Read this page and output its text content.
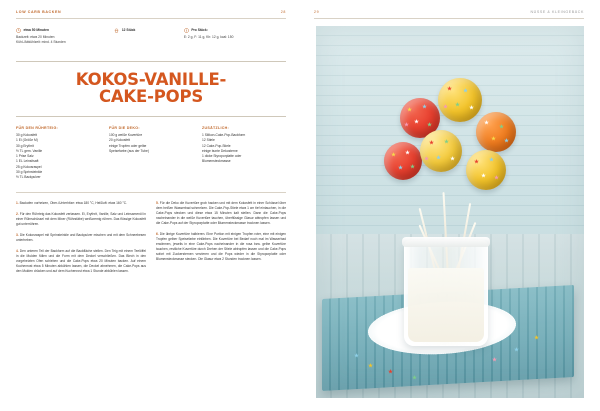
LOW CARB BACKEN	28
etwa 50 Minuten
Backzeit: etwa 20 Minuten
Kühl-/Abkühlzeit: mind. 4 Stunden
12 Stück	Pro Stück:
E: 2 g, F: 11 g, Kh: 12 g, kcal: 150
KOKOS-VANILLE-
CAKE-POPS
FÜR DEN RÜHRTEIG:
30 g Kokosfett
1 Ei (Größe M)
30 g Erythrit
½ TL gem. Vanille
1 Prise Salz
1 EL Leinsitsaft
25 g Kokosraspel
30 g Sprinsteinkle
½ TL Backpulver
FÜR DIE DEKO:
100 g weiße Kuvertüre
20 g Kokosfett
einige Tropfen oder gelbe
Speisefarbe (aus der Tube)
ZUSÄTZLICH:
1 Silikon-Cake-Pop-Backform
12 Stiele
12 Cake-Pop-Stiele
einige bunte Dekosterne
1 dicke Styroporplatte oder
Blumensteckmasse
1. Backofen vorheizen, Ober-/Unterhitze: etwa 180 °C, Heißluft: etwa 160 °C.
2. Für den Rührteig das Kokosfett zerlassen. Ei, Erythrit, Vanille, Salz und Leinsamenöl in einer Rührschüssel mit dem Mixer (Rührstäbe) weißcremig rühren. Das flüssige Kokosfett gut unterrühren.
3. Die Kokosraspel mit Sprinsteinkle und Backpulver mischen und mit dem Schneebesen unterheben.
4. Den unteren Teil der Backform auf die Backfläche stellen. Den Teig mit einem Teelöffel in die Mulden füllen und die Form mit dem Deckel verschließen. Das Blech in den vorgeheizten Ofen schieben und die Cake-Pops etwa 20 Minuten backen. Auf einem Kuchenrost etwa 5 Minuten abkühlen lassen, die Deckel abnehmen, die Cake-Pops aus den Mulden drücken und auf dem Kuchenrost etwa 1 Stunde abkühlen lassen.
5. Für die Deko die Kuvertüre grob hacken und mit dem Kokosfett in einer Schüssel über dem heißen Wasserbad schmelzen. Die Cake-Pop-Stiele etwa 1 cm tief eintauchen, in die Cake-Pops stecken und diese etwa 15 Minuten kalt stellen. Dann die Cake-Pops nacheinander in die weiße Kuvertüre tauchen, überflüssige Glasur abtropfen lassen und die Cake-Pops auf der Styroporplatte oder Blumensteckmasse trocknen lassen.
6. Die übrige Kuvertüre halbieren. Eine Portion mit einigen Tropfen roter, eine mit einigen Tropfen gelber Speisefarbe einfärben. Die Kuvertüre bei Bedarf noch mal im Wasserbad erwärmen, jeweils in eine Cake-Pops nacheinander in die rosa bzw. gelbe Kuvertüre tauchen, restliche Kuvertüre durch Drehen der Stiele abtropfen lassen und die Cake-Pops sofort mit Zuckersternen verzieren und die Pops wieder in die Styroporplatte oder Blumensteckmasse stecken. Die Glasur etwa 2 Stunden trocknen lassen.
29	NÜSSE & KLEINGEBÄCK
